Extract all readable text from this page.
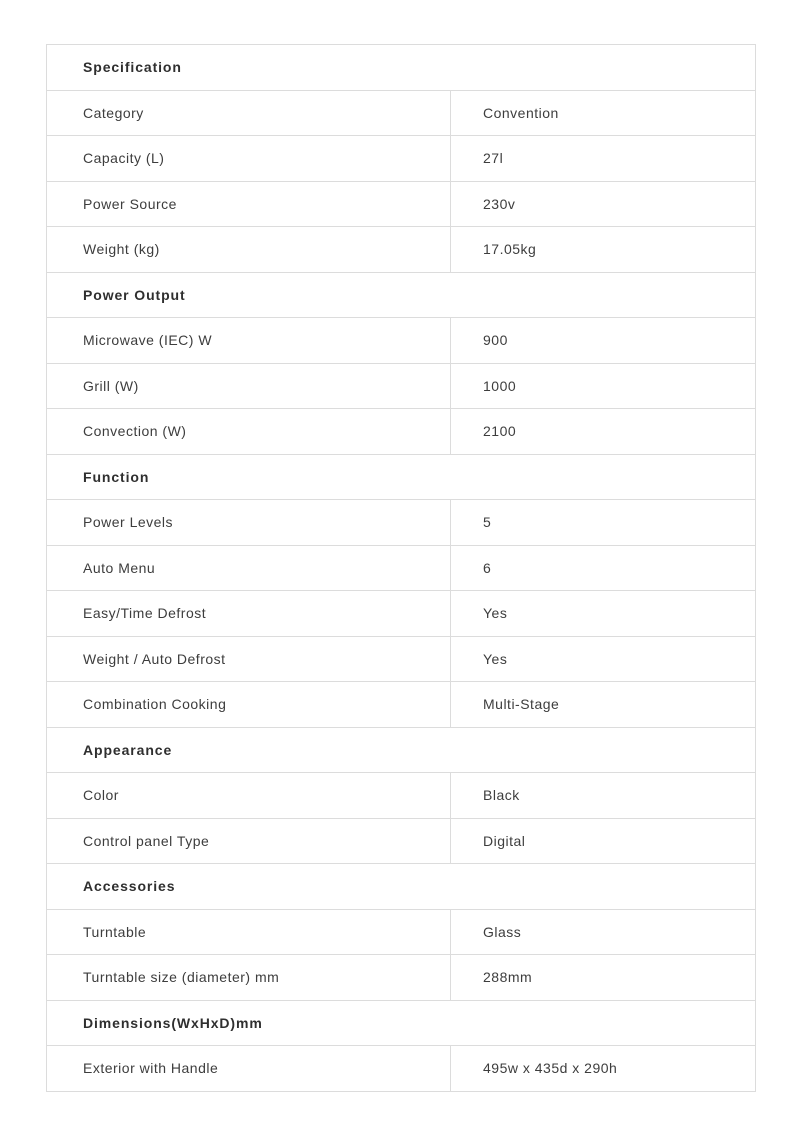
Specification	
Category	Convention
Capacity (L)	27l
Power Source	230v
Weight (kg)	17.05kg
Power Output	
Microwave (IEC) W	900
Grill (W)	1000
Convection (W)	2100
Function	
Power Levels	5
Auto Menu	6
Easy/Time Defrost	Yes
Weight / Auto Defrost	Yes
Combination Cooking	Multi-Stage
Appearance	
Color	Black
Control panel Type	Digital
Accessories	
Turntable	Glass
Turntable size (diameter) mm	288mm
Dimensions(WxHxD)mm	
Exterior with Handle	495w x 435d x 290h
